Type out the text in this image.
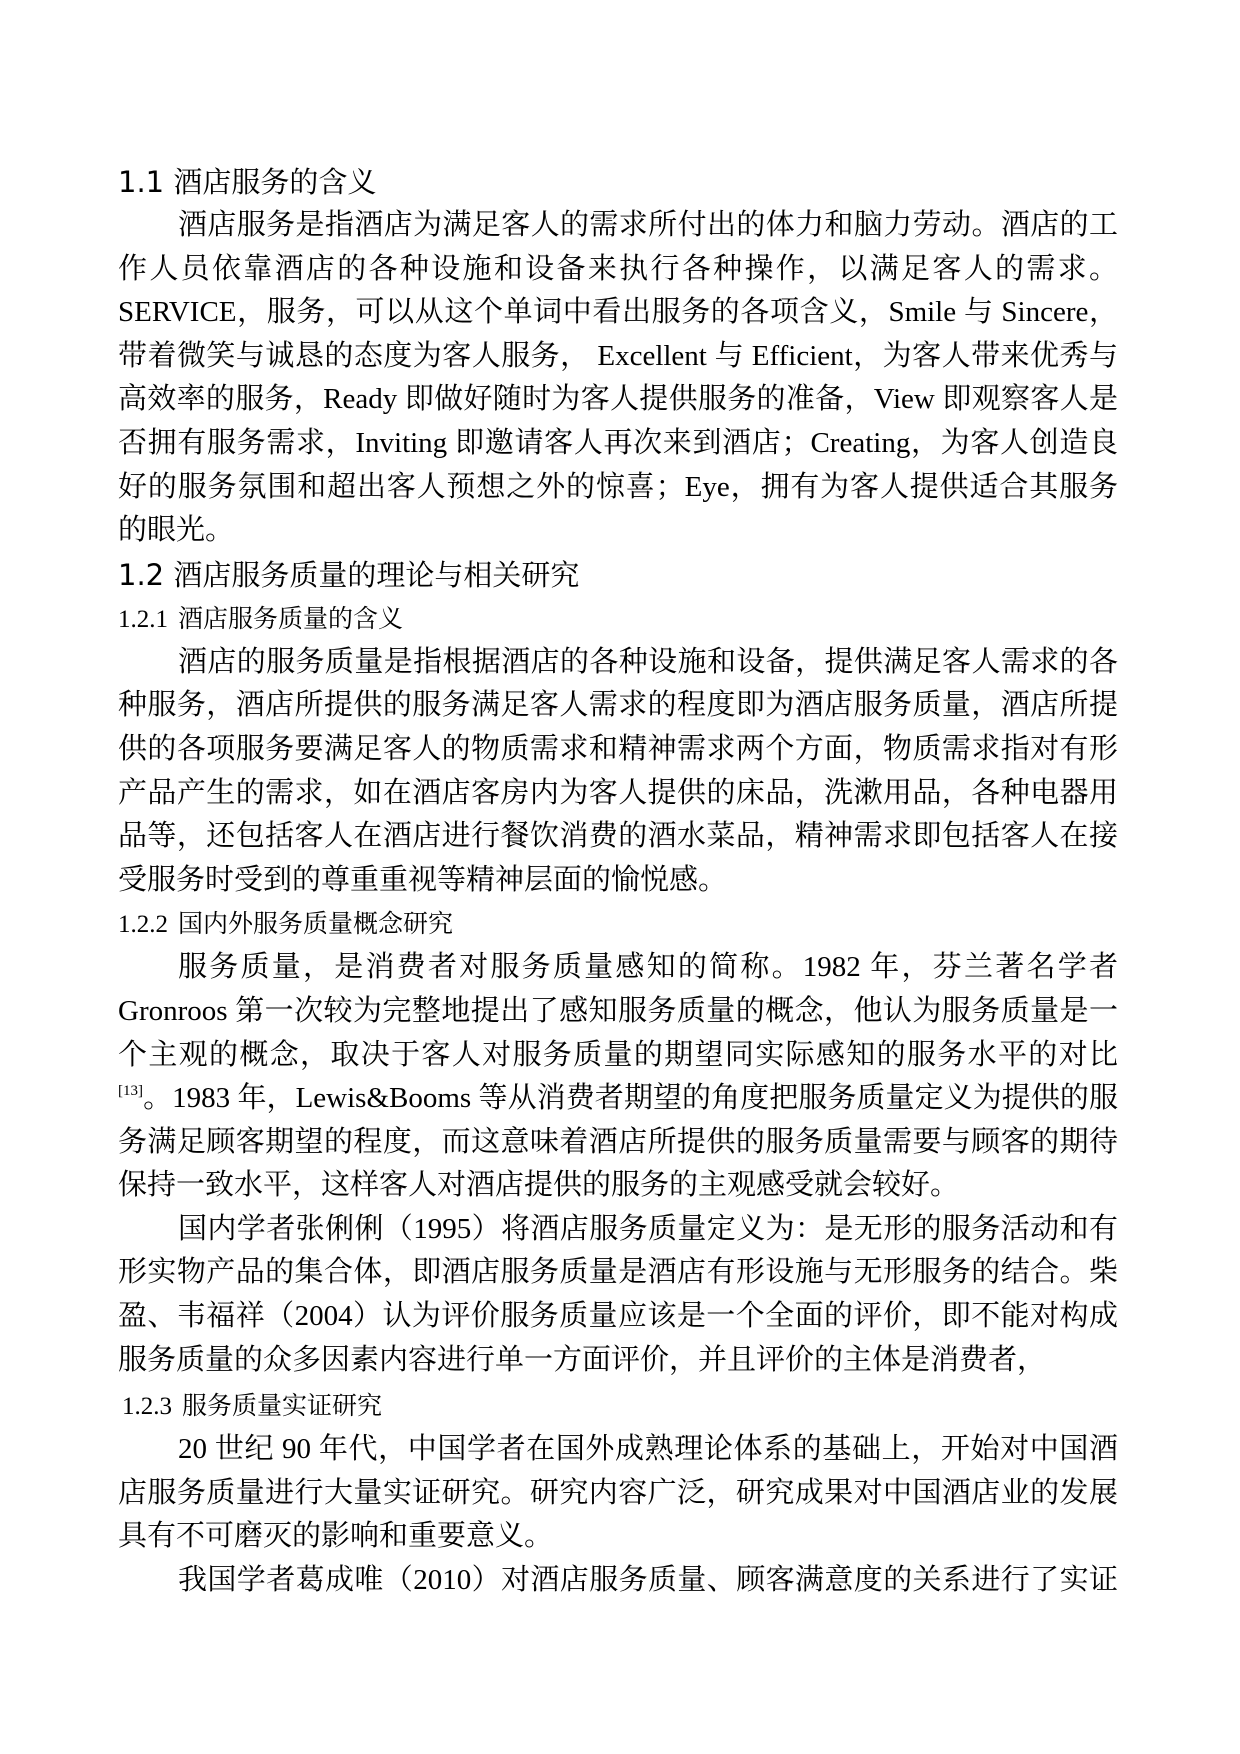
1.1 酒店服务的含义
酒店服务是指酒店为满足客人的需求所付出的体力和脑力劳动。酒店的工
作人员依靠酒店的各种设施和设备来执行各种操作，以满足客人的需求。
SERVICE，服务，可以从这个单词中看出服务的各项含义，Smile 与 Sincere，
带着微笑与诚恳的态度为客人服务， Excellent 与 Efficient，为客人带来优秀与
高效率的服务，Ready 即做好随时为客人提供服务的准备，View 即观察客人是
否拥有服务需求，Inviting 即邀请客人再次来到酒店；Creating，为客人创造良
好的服务氛围和超出客人预想之外的惊喜；Eye，拥有为客人提供适合其服务
的眼光。
1.2 酒店服务质量的理论与相关研究
1.2.1 酒店服务质量的含义
酒店的服务质量是指根据酒店的各种设施和设备，提供满足客人需求的各
种服务，酒店所提供的服务满足客人需求的程度即为酒店服务质量，酒店所提
供的各项服务要满足客人的物质需求和精神需求两个方面，物质需求指对有形
产品产生的需求，如在酒店客房内为客人提供的床品，洗漱用品，各种电器用
品等，还包括客人在酒店进行餐饮消费的酒水菜品，精神需求即包括客人在接
受服务时受到的尊重重视等精神层面的愉悦感。
1.2.2 国内外服务质量概念研究
服务质量，是消费者对服务质量感知的简称。1982 年，芬兰著名学者
Gronroos 第一次较为完整地提出了感知服务质量的概念，他认为服务质量是一
个主观的概念，取决于客人对服务质量的期望同实际感知的服务水平的对比
[13]。1983 年，Lewis&Booms 等从消费者期望的角度把服务质量定义为提供的服
务满足顾客期望的程度，而这意味着酒店所提供的服务质量需要与顾客的期待
保持一致水平，这样客人对酒店提供的服务的主观感受就会较好。
国内学者张俐俐（1995）将酒店服务质量定义为：是无形的服务活动和有
形实物产品的集合体，即酒店服务质量是酒店有形设施与无形服务的结合。柴
盈、韦福祥（2004）认为评价服务质量应该是一个全面的评价，即不能对构成
服务质量的众多因素内容进行单一方面评价，并且评价的主体是消费者，
1.2.3 服务质量实证研究
20 世纪 90 年代，中国学者在国外成熟理论体系的基础上，开始对中国酒
店服务质量进行大量实证研究。研究内容广泛，研究成果对中国酒店业的发展
具有不可磨灭的影响和重要意义。
我国学者葛成唯（2010）对酒店服务质量、顾客满意度的关系进行了实证
